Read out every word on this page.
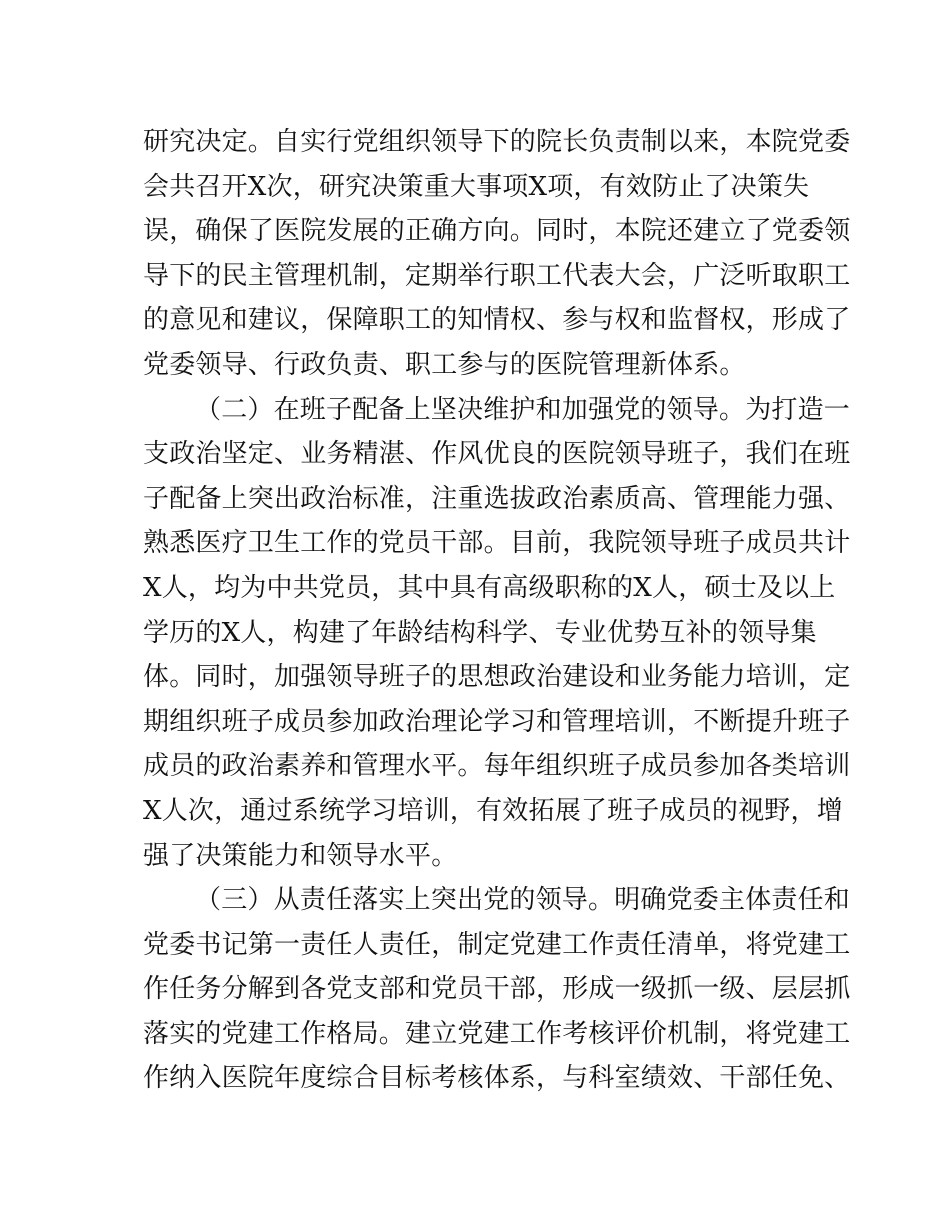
研究决定。自实行党组织领导下的院长负责制以来，本院党委
会共召开X次，研究决策重大事项X项，有效防止了决策失
误，确保了医院发展的正确方向。同时，本院还建立了党委领
导下的民主管理机制，定期举行职工代表大会，广泛听取职工
的意见和建议，保障职工的知情权、参与权和监督权，形成了
党委领导、行政负责、职工参与的医院管理新体系。
（二）在班子配备上坚决维护和加强党的领导。为打造一
支政治坚定、业务精湛、作风优良的医院领导班子，我们在班
子配备上突出政治标准，注重选拔政治素质高、管理能力强、
熟悉医疗卫生工作的党员干部。目前，我院领导班子成员共计
X人，均为中共党员，其中具有高级职称的X人，硕士及以上
学历的X人，构建了年龄结构科学、专业优势互补的领导集
体。同时，加强领导班子的思想政治建设和业务能力培训，定
期组织班子成员参加政治理论学习和管理培训，不断提升班子
成员的政治素养和管理水平。每年组织班子成员参加各类培训
X人次，通过系统学习培训，有效拓展了班子成员的视野，增
强了决策能力和领导水平。
（三）从责任落实上突出党的领导。明确党委主体责任和
党委书记第一责任人责任，制定党建工作责任清单，将党建工
作任务分解到各党支部和党员干部，形成一级抓一级、层层抓
落实的党建工作格局。建立党建工作考核评价机制，将党建工
作纳入医院年度综合目标考核体系，与科室绩效、干部任免、
